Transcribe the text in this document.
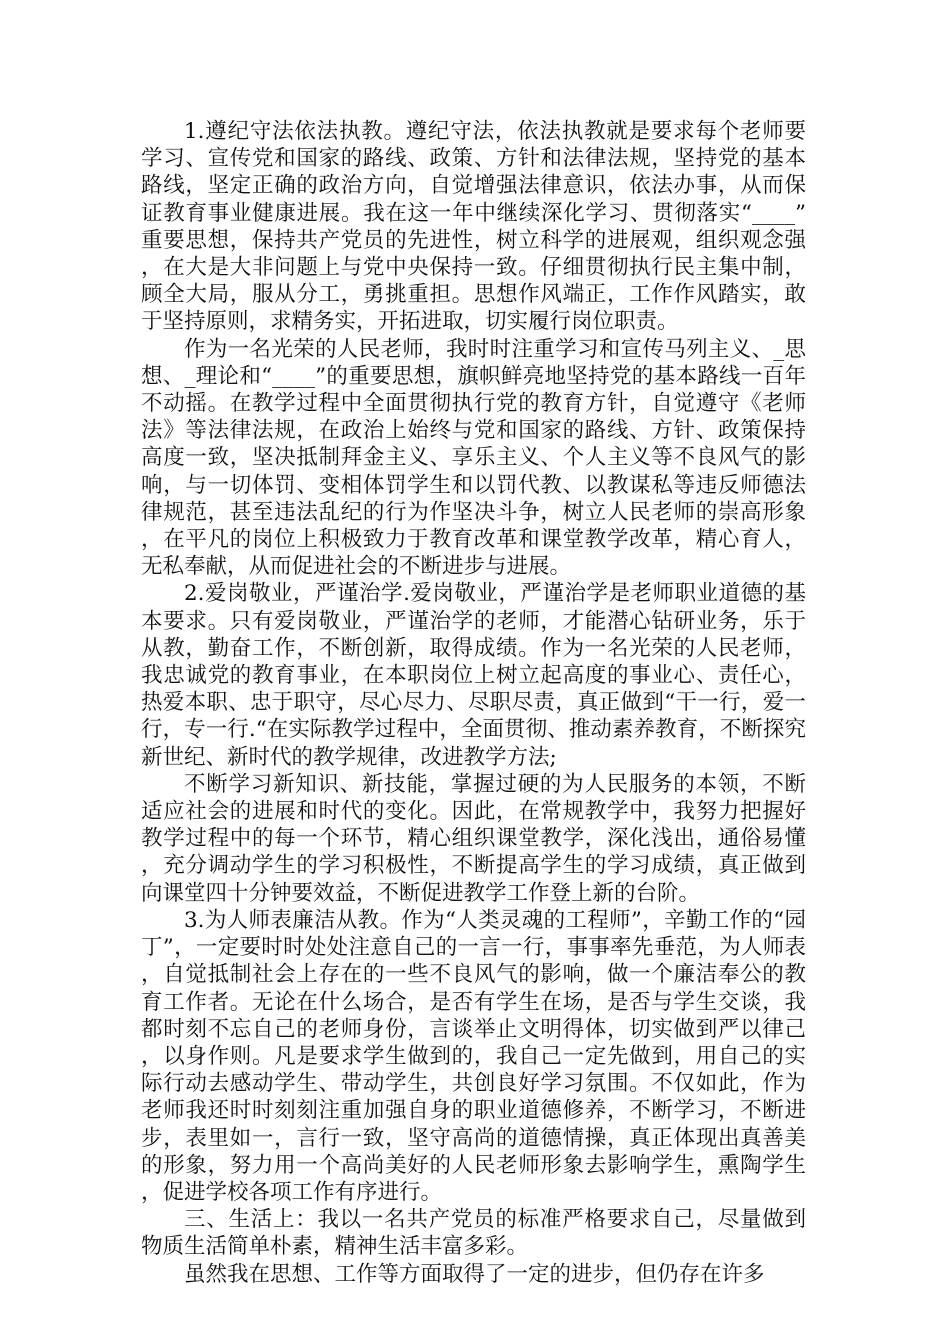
1.遵纪守法依法执教。遵纪守法，依法执教就是要求每个老师要学习、宣传党和国家的路线、政策、方针和法律法规，坚持党的基本路线，坚定正确的政治方向，自觉增强法律意识，依法办事，从而保证教育事业健康进展。我在这一年中继续深化学习、贯彻落实“____”重要思想，保持共产党员的先进性，树立科学的进展观，组织观念强，在大是大非问题上与党中央保持一致。仔细贯彻执行民主集中制，顾全大局，服从分工，勇挑重担。思想作风端正，工作作风踏实，敢于坚持原则，求精务实，开拓进取，切实履行岗位职责。

作为一名光荣的人民老师，我时时注重学习和宣传马列主义、_思想、_理论和“____”的重要思想，旗帜鲜亮地坚持党的基本路线一百年不动摇。在教学过程中全面贯彻执行党的教育方针，自觉遵守《老师法》等法律法规，在政治上始终与党和国家的路线、方针、政策保持高度一致，坚决抵制拜金主义、享乐主义、个人主义等不良风气的影响，与一切体罚、变相体罚学生和以罚代教、以教谋私等违反师德法律规范，甚至违法乱纪的行为作坚决斗争，树立人民老师的崇高形象，在平凡的岗位上积极致力于教育改革和课堂教学改革，精心育人，无私奉献，从而促进社会的不断进步与进展。

2.爱岗敬业，严谨治学.爱岗敬业，严谨治学是老师职业道德的基本要求。只有爱岗敬业，严谨治学的老师，才能潜心钻研业务，乐于从教，勤奋工作，不断创新，取得成绩。作为一名光荣的人民老师，我忠诚党的教育事业，在本职岗位上树立起高度的事业心、责任心，热爱本职、忠于职守，尽心尽力、尽职尽责，真正做到“干一行，爱一行，专一行.“在实际教学过程中，全面贯彻、推动素养教育，不断探究新世纪、新时代的教学规律，改进教学方法;

不断学习新知识、新技能，掌握过硬的为人民服务的本领，不断适应社会的进展和时代的变化。因此，在常规教学中，我努力把握好教学过程中的每一个环节，精心组织课堂教学，深化浅出，通俗易懂，充分调动学生的学习积极性，不断提高学生的学习成绩，真正做到向课堂四十分钟要效益，不断促进教学工作登上新的台阶。

3.为人师表廉洁从教。作为“人类灵魂的工程师”，辛勤工作的“园丁”，一定要时时处处注意自己的一言一行，事事率先垂范，为人师表，自觉抵制社会上存在的一些不良风气的影响，做一个廉洁奉公的教育工作者。无论在什么场合，是否有学生在场，是否与学生交谈，我都时刻不忘自己的老师身份，言谈举止文明得体，切实做到严以律己，以身作则。凡是要求学生做到的，我自己一定先做到，用自己的实际行动去感动学生、带动学生，共创良好学习氛围。不仅如此，作为老师我还时时刻刻注重加强自身的职业道德修养，不断学习，不断进步，表里如一，言行一致，坚守高尚的道德情操，真正体现出真善美的形象，努力用一个高尚美好的人民老师形象去影响学生，熏陶学生，促进学校各项工作有序进行。

三、生活上：我以一名共产党员的标准严格要求自己，尽量做到物质生活简单朴素，精神生活丰富多彩。

虽然我在思想、工作等方面取得了一定的进步，但仍存在许多
